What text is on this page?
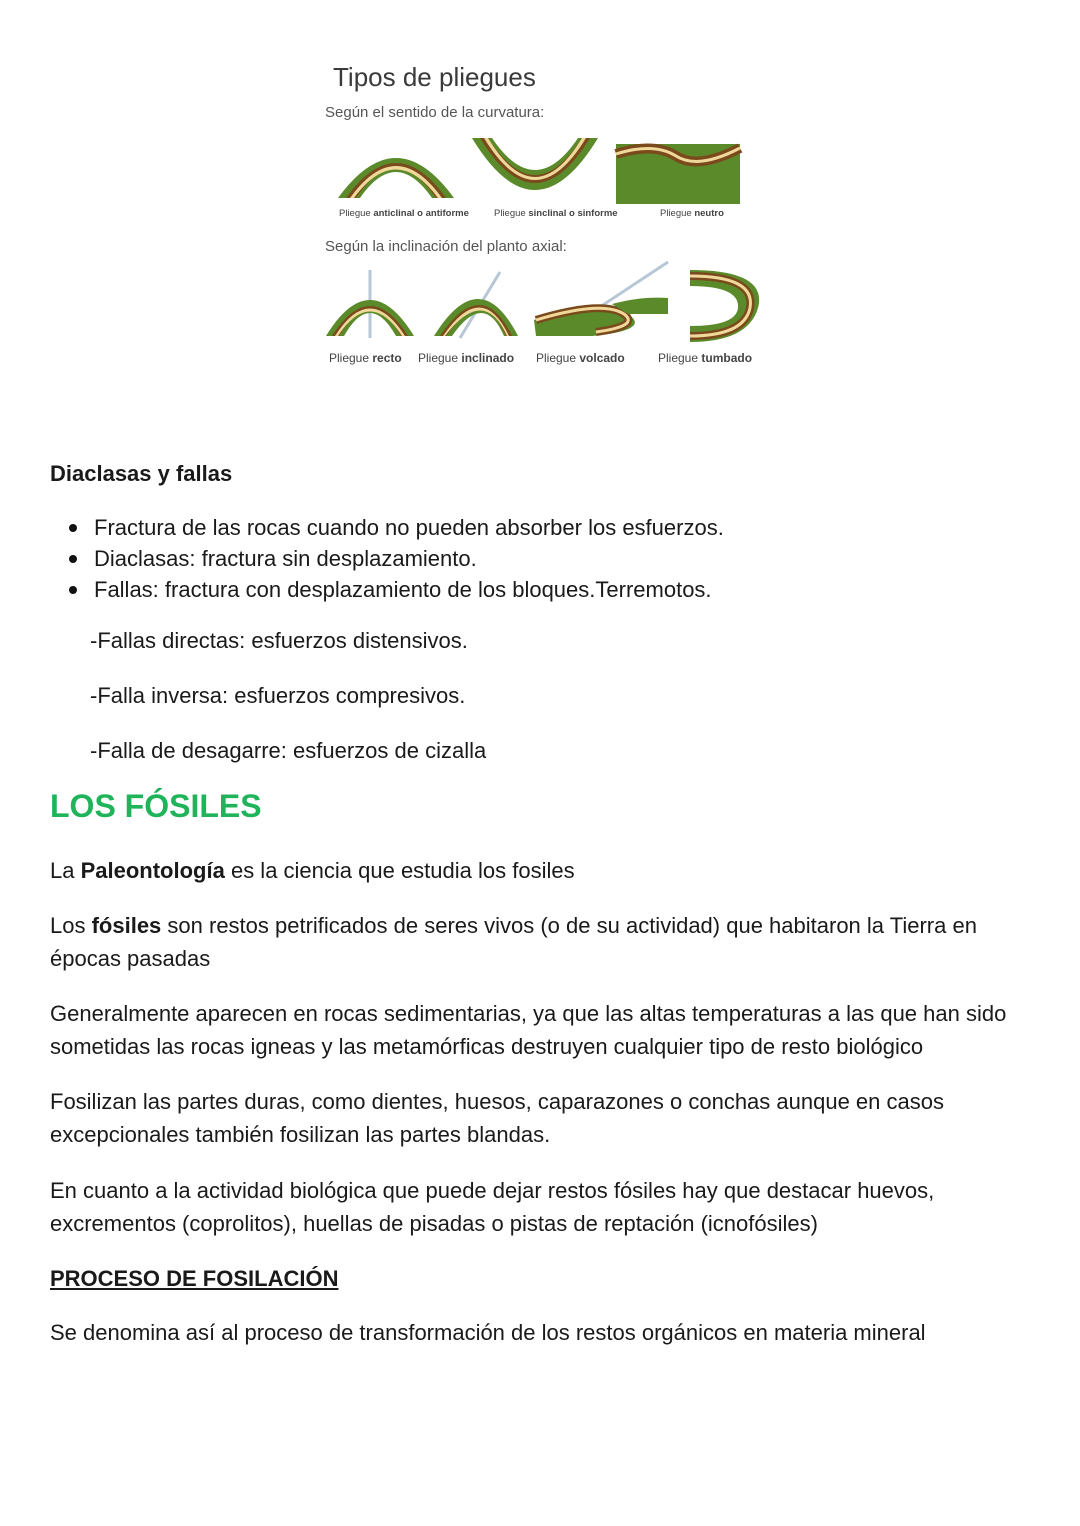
Tipos de pliegues
Según el sentido de la curvatura:
Pliegue anticlinal o antiforme	Pliegue sinclinal o sinforme	Pliegue neutro
Según la inclinación del planto axial:
Pliegue recto Pliegue inclinado Pliegue volcado	Pliegue tumbado
Diaclasas y fallas
Fractura de las rocas cuando no pueden absorber los esfuerzos.
Diaclasas: fractura sin desplazamiento.
Fallas: fractura con desplazamiento de los bloques.Terremotos.
-Fallas directas: esfuerzos distensivos.
-Falla inversa: esfuerzos compresivos.
-Falla de desagarre: esfuerzos de cizalla
LOS FÓSILES

La Paleontología es la ciencia que estudia los fosiles

Los fósiles son restos petrificados de seres vivos (o de su actividad) que habitaron la Tierra en épocas pasadas

Generalmente aparecen en rocas sedimentarias, ya que las altas temperaturas a las que han sido sometidas las rocas igneas y las metamórficas destruyen cualquier tipo de resto biológico

Fosilizan las partes duras, como dientes, huesos, caparazones o conchas aunque en casos excepcionales también fosilizan las partes blandas.

En cuanto a la actividad biológica que puede dejar restos fósiles hay que destacar huevos, excrementos (coprolitos), huellas de pisadas o pistas de reptación (icnofósiles)

PROCESO DE FOSILACIÓN

Se denomina así al proceso de transformación de los restos orgánicos en materia mineral
